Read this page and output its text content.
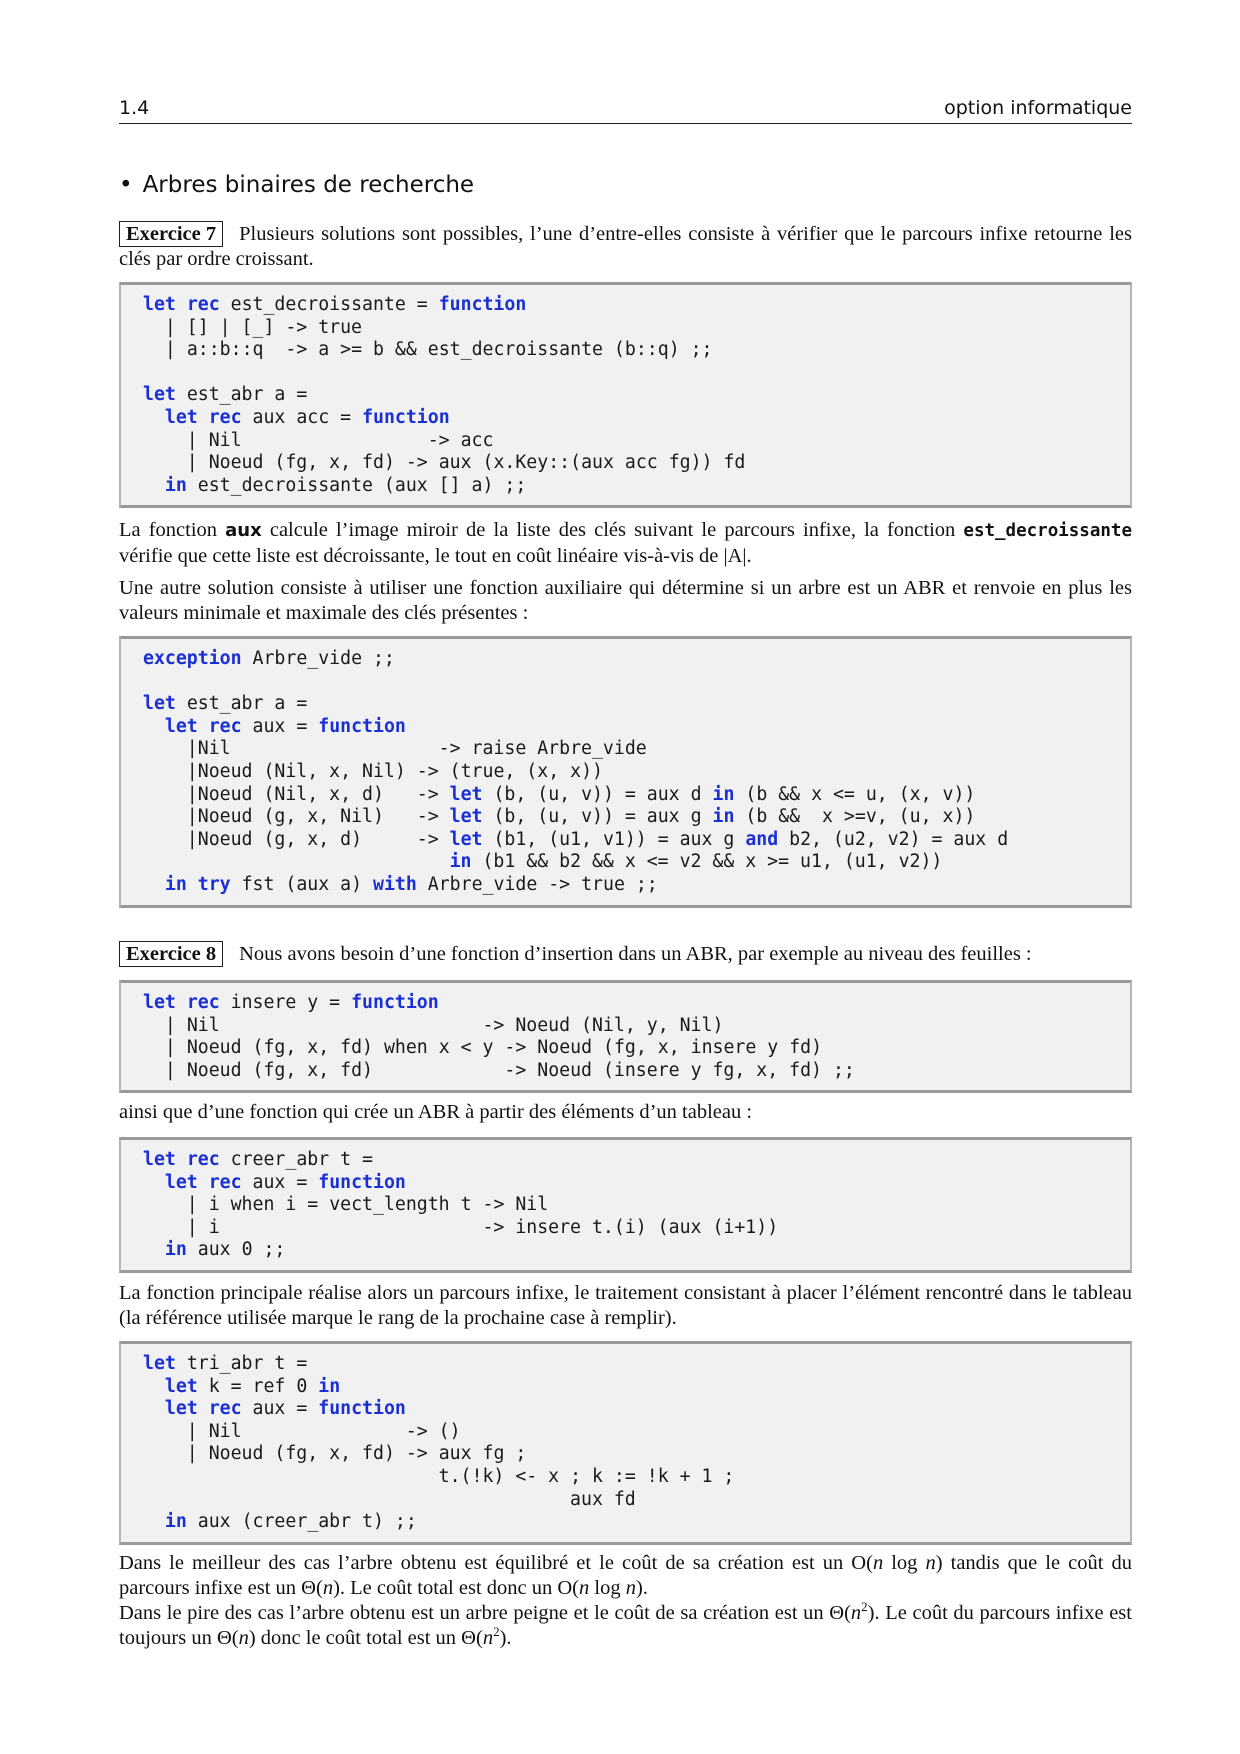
1.4	option informatique
• Arbres binaires de recherche
Exercice 7 Plusieurs solutions sont possibles, l’une d’entre-elles consiste à vérifier que le parcours infixe retourne les clés par ordre croissant.
let rec est_decroissante = function
| [] | [_] -> true
| a::b::q  -> a >= b && est_decroissante (b::q) ;;
let est_abr a =
let rec aux acc = function
| Nil                 -> acc
| Noeud (fg, x, fd) -> aux (x.Key::(aux acc fg)) fd
in est_decroissante (aux [] a) ;;
La fonction aux calcule l’image miroir de la liste des clés suivant le parcours infixe, la fonction est_decroissante vérifie que cette liste est décroissante, le tout en coût linéaire vis-à-vis de |A|.
Une autre solution consiste à utiliser une fonction auxiliaire qui détermine si un arbre est un ABR et renvoie en plus les valeurs minimale et maximale des clés présentes :
exception Arbre_vide ;;
let est_abr a =
let rec aux = function
|Nil                   -> raise Arbre_vide
|Noeud (Nil, x, Nil) -> (true, (x, x))
|Noeud (Nil, x, d)   -> let (b, (u, v)) = aux d in (b && x <= u, (x, v))
|Noeud (g, x, Nil)   -> let (b, (u, v)) = aux g in (b &&  x >=v, (u, x))
|Noeud (g, x, d)     -> let (b1, (u1, v1)) = aux g and b2, (u2, v2) = aux d
in (b1 && b2 && x <= v2 && x >= u1, (u1, v2))
in try fst (aux a) with Arbre_vide -> true ;;
Exercice 8 Nous avons besoin d’une fonction d’insertion dans un ABR, par exemple au niveau des feuilles :
let rec insere y = function
| Nil                        -> Noeud (Nil, y, Nil)
| Noeud (fg, x, fd) when x < y -> Noeud (fg, x, insere y fd)
| Noeud (fg, x, fd)            -> Noeud (insere y fg, x, fd) ;;
ainsi que d’une fonction qui crée un ABR à partir des éléments d’un tableau :
let rec creer_abr t =
let rec aux = function
| i when i = vect_length t -> Nil
| i                        -> insere t.(i) (aux (i+1))
in aux 0 ;;
La fonction principale réalise alors un parcours infixe, le traitement consistant à placer l’élément rencontré dans le tableau (la référence utilisée marque le rang de la prochaine case à remplir).
let tri_abr t =
let k = ref 0 in
let rec aux = function
| Nil               -> ()
| Noeud (fg, x, fd) -> aux fg ;
t.(!k) <- x ; k := !k + 1 ;
aux fd
in aux (creer_abr t) ;;
Dans le meilleur des cas l’arbre obtenu est équilibré et le coût de sa création est un O(n log n) tandis que le coût du parcours infixe est un Θ(n). Le coût total est donc un O(n log n).
Dans le pire des cas l’arbre obtenu est un arbre peigne et le coût de sa création est un $\Theta(n^2)$. Le coût du parcours infixe est toujours un Θ(n) donc le coût total est un $\Theta(n^2)$.
